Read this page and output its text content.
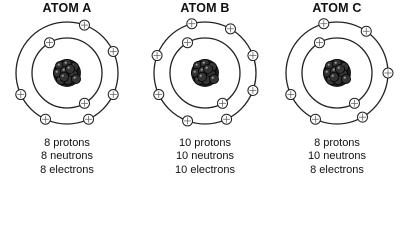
ATOM A
8 protons
8 neutrons
8 electrons
ATOM B
10 protons
10 neutrons
10 electrons
ATOM C
8 protons
10 neutrons
8 electrons
